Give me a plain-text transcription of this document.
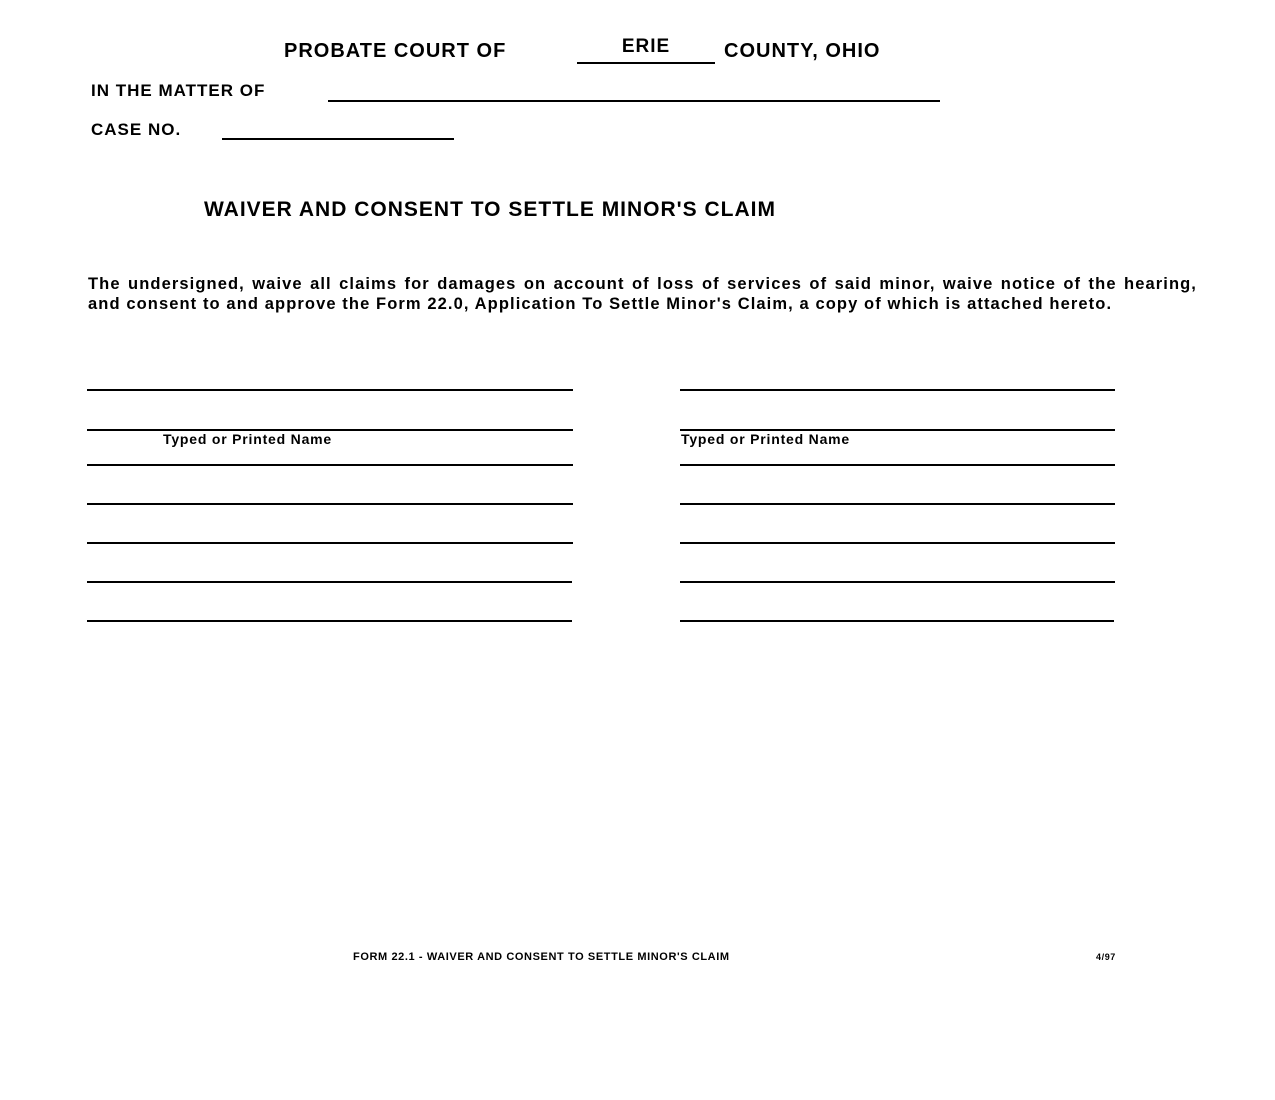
PROBATE COURT OF	ERIE	COUNTY, OHIO
IN THE MATTER OF
CASE NO.
WAIVER AND CONSENT TO SETTLE MINOR'S CLAIM
The undersigned, waive all claims for damages on account of loss of services of said minor, waive notice of the hearing, and consent to and approve the Form 22.0, Application To Settle Minor's Claim, a copy of which is attached hereto.
Typed or Printed Name	Typed or Printed Name
FORM 22.1 - WAIVER AND CONSENT TO SETTLE MINOR'S CLAIM	4/97
